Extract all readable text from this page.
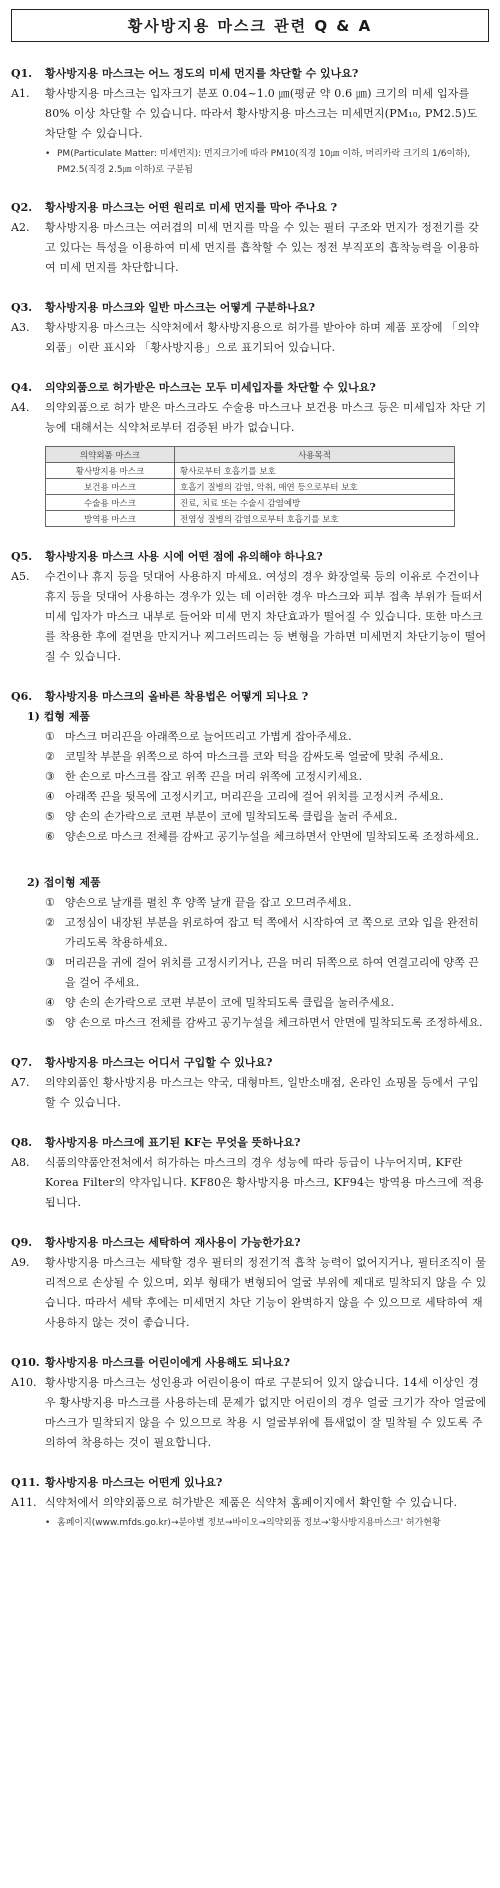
황사방지용 마스크 관련 Q & A
Q1.	황사방지용 마스크는 어느 정도의 미세 먼지를 차단할 수 있나요?
A1.	황사방지용 마스크는 입자크기 분포 0.04~1.0 ㎛(평균 약 0.6 ㎛) 크기의 미세 입자를 80% 이상 차단할 수 있습니다. 따라서 황사방지용 마스크는 미세먼지(PM₁₀, PM2.5)도 차단할 수 있습니다.
• PM(Particulate Matter: 미세먼지): 먼지크기에 따라 PM10(직경 10㎛ 이하, 머리카락 크기의 1/6이하), PM2.5(직경 2.5㎛ 이하)로 구분됨
Q2.	황사방지용 마스크는 어떤 원리로 미세 먼지를 막아 주나요 ?
A2.	황사방지용 마스크는 여러겹의 미세 먼지를 막을 수 있는 필터 구조와 먼지가 정전기를 갖고 있다는 특성을 이용하여 미세 먼지를 흡착할 수 있는 정전 부직포의 흡착능력을 이용하여 미세 먼지를 차단합니다.
Q3.	황사방지용 마스크와 일반 마스크는 어떻게 구분하나요?
A3.	황사방지용 마스크는 식약처에서 황사방지용으로 허가를 받아야 하며 제품 포장에 「의약외품」이란 표시와 「황사방지용」으로 표기되어 있습니다.
Q4.	의약외품으로 허가받은 마스크는 모두 미세입자를 차단할 수 있나요?
A4.	의약외품으로 허가 받은 마스크라도 수술용 마스크나 보건용 마스크 등은 미세입자 차단 기능에 대해서는 식약처로부터 검증된 바가 없습니다.
의약외품 마스크	사용목적
황사방지용 마스크	황사로부터 호흡기를 보호
보건용 마스크	호흡기 질병의 감염, 악취, 매연 등으로부터 보호
수술용 마스크	진료, 치료 또는 수술시 감염예방
방역용 마스크	전염성 질병의 감염으로부터 호흡기를 보호
Q5.	황사방지용 마스크 사용 시에 어떤 점에 유의해야 하나요?
A5.	수건이나 휴지 등을 덧대어 사용하지 마세요. 여성의 경우 화장얼룩 등의 이유로 수건이나 휴지 등을 덧대어 사용하는 경우가 있는 데 이러한 경우 마스크와 피부 접촉 부위가 들떠서 미세 입자가 마스크 내부로 들어와 미세 먼지 차단효과가 떨어질 수 있습니다. 또한 마스크를 착용한 후에 겉면을 만지거나 찌그러뜨리는 등 변형을 가하면 미세먼지 차단기능이 떨어질 수 있습니다.
Q6.	황사방지용 마스크의 올바른 착용법은 어떻게 되나요 ?
1) 컵형 제품
① 마스크 머리끈을 아래쪽으로 늘어뜨리고 가볍게 잡아주세요.
② 코밀착 부분을 위쪽으로 하여 마스크를 코와 턱을 감싸도록 얼굴에 맞춰 주세요.
③ 한 손으로 마스크를 잡고 위쪽 끈을 머리 위쪽에 고정시키세요.
④ 아래쪽 끈을 뒷목에 고정시키고, 머리끈을 고리에 걸어 위치를 고정시켜 주세요.
⑤ 양 손의 손가락으로 코편 부분이 코에 밀착되도록 클립을 눌러 주세요.
⑥ 양손으로 마스크 전체를 감싸고 공기누설을 체크하면서 안면에 밀착되도록 조정하세요.
2) 접이형 제품
① 양손으로 날개를 펼친 후 양쪽 날개 끝을 잡고 오므려주세요.
② 고정심이 내장된 부분을 위로하여 잡고 턱 쪽에서 시작하여 코 쪽으로 코와 입을 완전히 가리도록 착용하세요.
③ 머리끈을 귀에 걸어 위치를 고정시키거나, 끈을 머리 뒤쪽으로 하여 연결고리에 양쪽 끈을 걸어 주세요.
④ 양 손의 손가락으로 코편 부분이 코에 밀착되도록 클립을 눌러주세요.
⑤ 양 손으로 마스크 전체를 감싸고 공기누설을 체크하면서 안면에 밀착되도록 조정하세요.
Q7.	황사방지용 마스크는 어디서 구입할 수 있나요?
A7.	의약외품인 황사방지용 마스크는 약국, 대형마트, 일반소매점, 온라인 쇼핑몰 등에서 구입할 수 있습니다.
Q8.	황사방지용 마스크에 표기된 KF는 무엇을 뜻하나요?
A8.	식품의약품안전처에서 허가하는 마스크의 경우 성능에 따라 등급이 나누어지며, KF란 Korea Filter의 약자입니다. KF80은 황사방지용 마스크, KF94는 방역용 마스크에 적용됩니다.
Q9.	황사방지용 마스크는 세탁하여 재사용이 가능한가요?
A9.	황사방지용 마스크는 세탁할 경우 필터의 정전기적 흡착 능력이 없어지거나, 필터조직이 물리적으로 손상될 수 있으며, 외부 형태가 변형되어 얼굴 부위에 제대로 밀착되지 않을 수 있습니다. 따라서 세탁 후에는 미세먼지 차단 기능이 완벽하지 않을 수 있으므로 세탁하여 재사용하지 않는 것이 좋습니다.
Q10. 황사방지용 마스크를 어린이에게 사용해도 되나요?
A10. 황사방지용 마스크는 성인용과 어린이용이 따로 구분되어 있지 않습니다. 14세 이상인 경우 황사방지용 마스크를 사용하는데 문제가 없지만 어린이의 경우 얼굴 크기가 작아 얼굴에 마스크가 밀착되지 않을 수 있으므로 착용 시 얼굴부위에 틈새없이 잘 밀착될 수 있도록 주의하여 착용하는 것이 필요합니다.
Q11. 황사방지용 마스크는 어떤게 있나요?
A11. 식약처에서 의약외품으로 허가받은 제품은 식약처 홈페이지에서 확인할 수 있습니다.
• 홈페이지(www.mfds.go.kr)→분야별 정보→바이오→의약외품 정보→'황사방지용마스크' 허가현황
